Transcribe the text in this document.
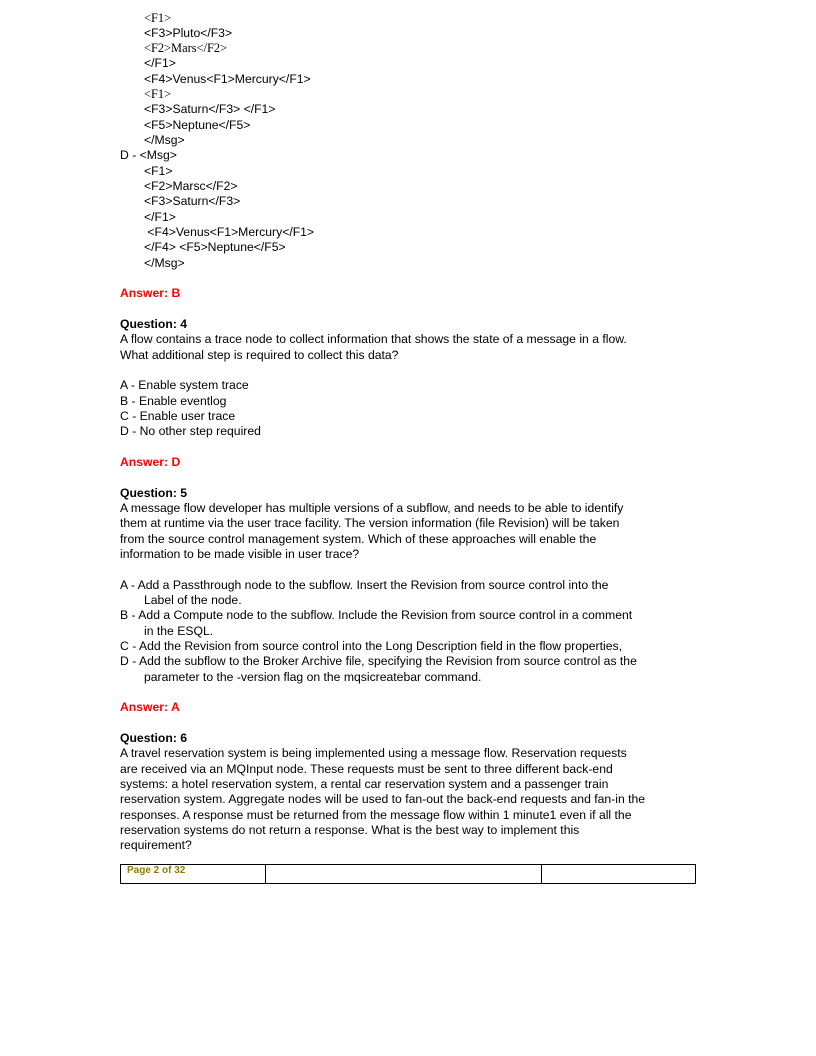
<F1>
<F3>Pluto</F3>
<F2>Mars</F2>
</F1>
<F4>Venus<F1>Mercury</F1>
<F1>
<F3>Saturn</F3> </F1>
<F5>Neptune</F5>
</Msg>
D - <Msg>
<F1>
<F2>Marsc</F2>
<F3>Saturn</F3>
</F1>
<F4>Venus<F1>Mercury</F1>
</F4> <F5>Neptune</F5>
</Msg>
Answer: B
Question: 4
A flow contains a trace node to collect information that shows the state of a message in a flow.
What additional step is required to collect this data?
A - Enable system trace
B - Enable eventlog
C - Enable user trace
D - No other step required
Answer: D
Question: 5
A message flow developer has multiple versions of a subflow, and needs to be able to identify
them at runtime via the user trace facility. The version information (file Revision) will be taken
from the source control management system. Which of these approaches will enable the
information to be made visible in user trace?
A - Add a Passthrough node to the subflow. Insert the Revision from source control into the
Label of the node.
B - Add a Compute node to the subflow. Include the Revision from source control in a comment
in the ESQL.
C - Add the Revision from source control into the Long Description field in the flow properties,
D - Add the subflow to the Broker Archive file, specifying the Revision from source control as the
parameter to the -version flag on the mqsicreatebar command.
Answer: A
Question: 6
A travel reservation system is being implemented using a message flow. Reservation requests
are received via an MQInput node. These requests must be sent to three different back-end
systems: a hotel reservation system, a rental car reservation system and a passenger train
reservation system. Aggregate nodes will be used to fan-out the back-end requests and fan-in the
responses. A response must be returned from the message flow within 1 minute1 even if all the
reservation systems do not return a response. What is the best way to implement this
requirement?
Page 2 of 32
